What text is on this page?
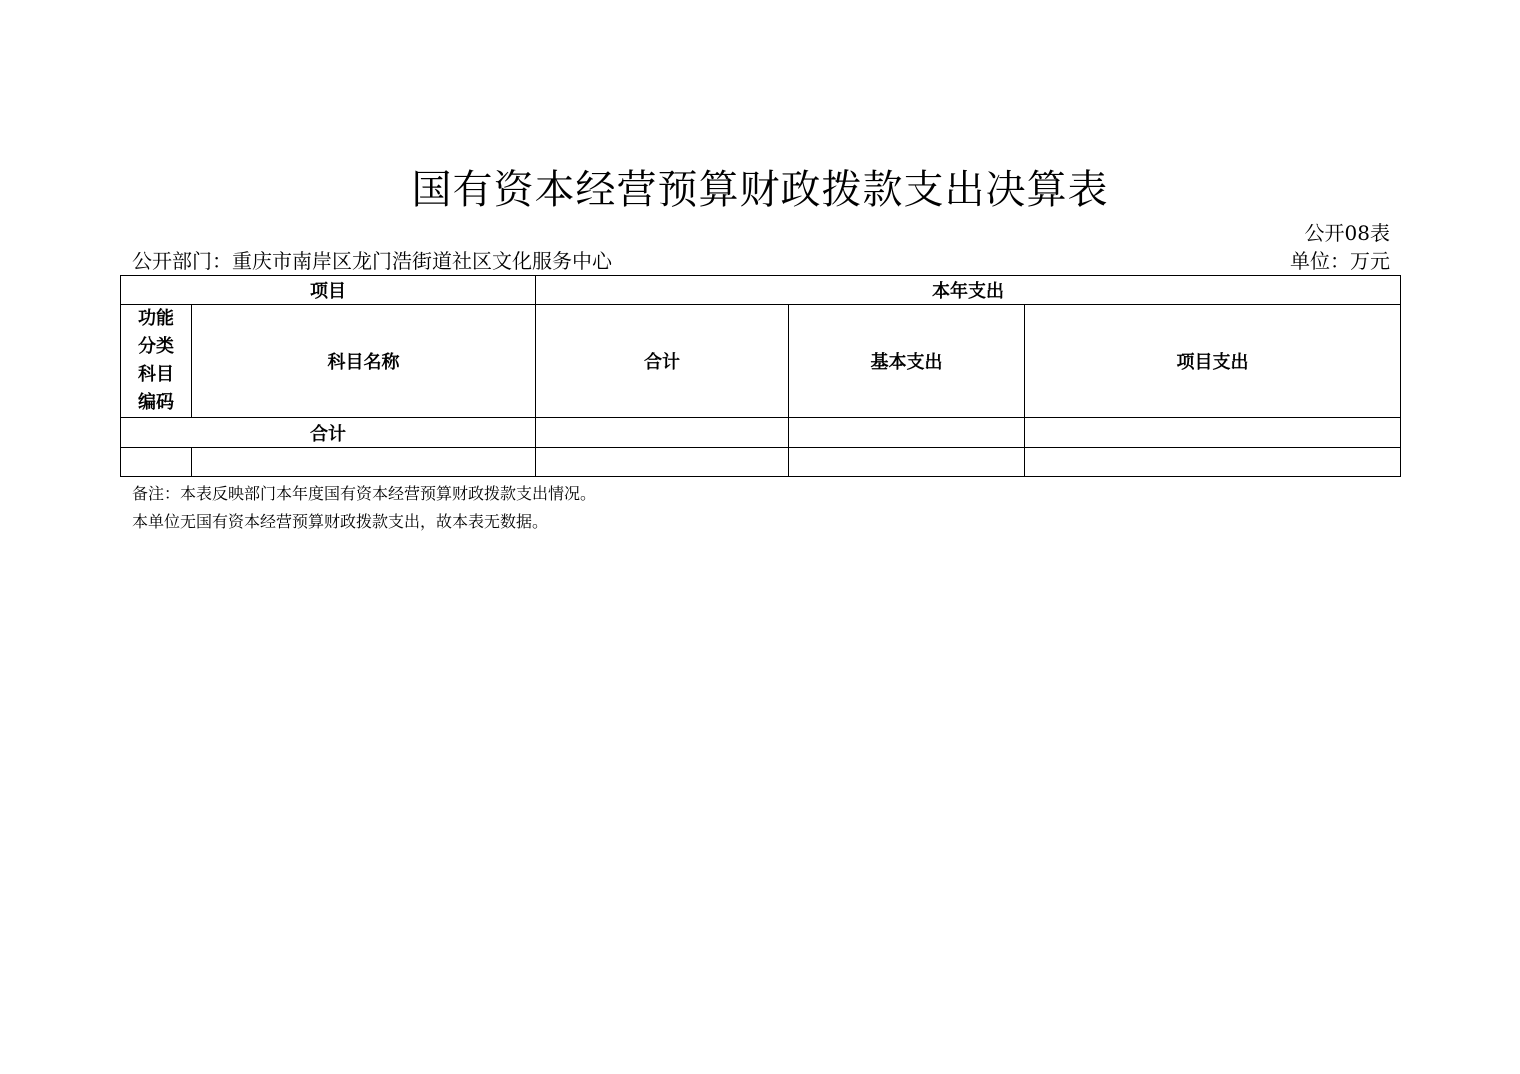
国有资本经营预算财政拨款支出决算表
公开08表
公开部门：重庆市南岸区龙门浩街道社区文化服务中心	单位：万元
项目		本年支出		

功能分类科目编码	科目名称	合计	基本支出	项目支出
合计				

备注：本表反映部门本年度国有资本经营预算财政拨款支出情况。
本单位无国有资本经营预算财政拨款支出，故本表无数据。
